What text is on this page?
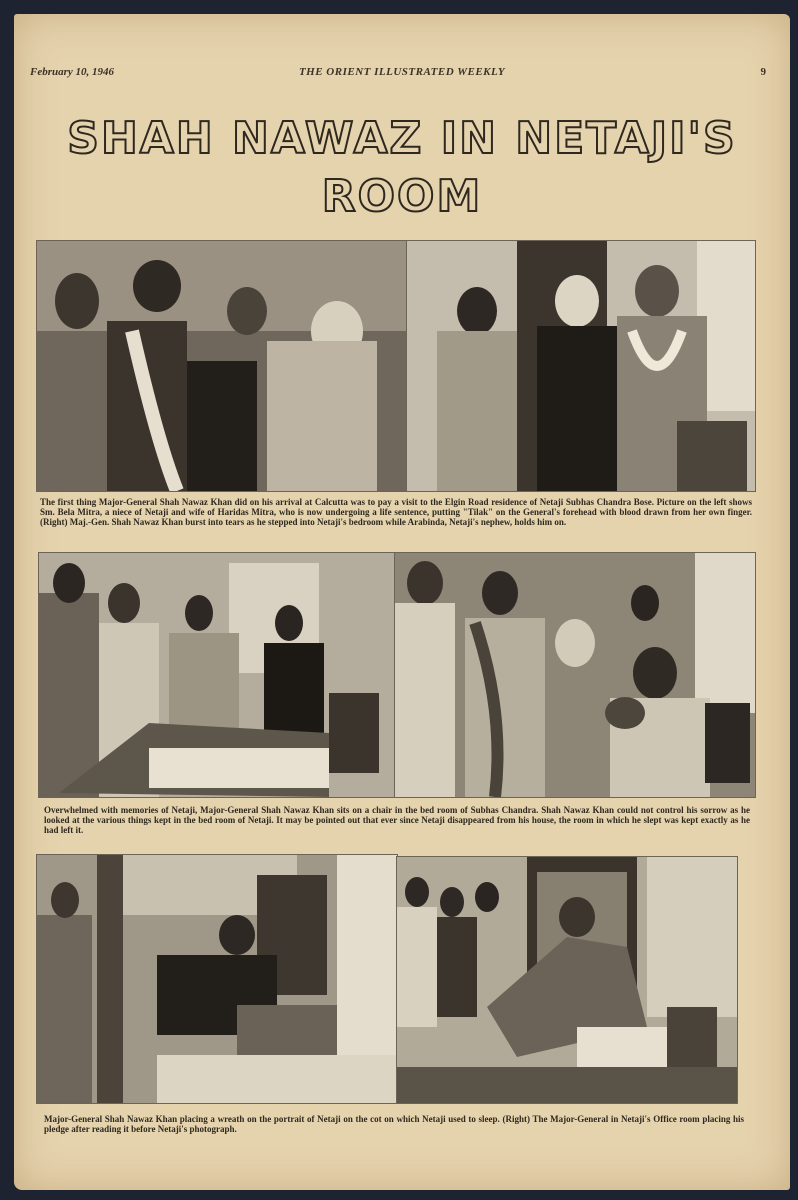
February 10, 1946	THE ORIENT ILLUSTRATED WEEKLY	9
SHAH NAWAZ IN NETAJI'S
ROOM
The first thing Major-General Shah Nawaz Khan did on his arrival at Calcutta was to pay a visit to the Elgin Road residence of Netaji Subhas Chandra Bose. Picture on the left shows Sm. Bela Mitra, a niece of Netaji and wife of Haridas Mitra, who is now undergoing a life sentence, putting "Tilak" on the General's forehead with blood drawn from her own finger. (Right) Maj.-Gen. Shah Nawaz Khan burst into tears as he stepped into Netaji's bedroom while Arabinda, Netaji's nephew, holds him on.
Overwhelmed with memories of Netaji, Major-General Shah Nawaz Khan sits on a chair in the bed room of Subhas Chandra. Shah Nawaz Khan could not control his sorrow as he looked at the various things kept in the bed room of Netaji. It may be pointed out that ever since Netaji disappeared from his house, the room in which he slept was kept exactly as he had left it.
Major-General Shah Nawaz Khan placing a wreath on the portrait of Netaji on the cot on which Netaji used to sleep. (Right) The Major-General in Netaji's Office room placing his pledge after reading it before Netaji's photograph.
